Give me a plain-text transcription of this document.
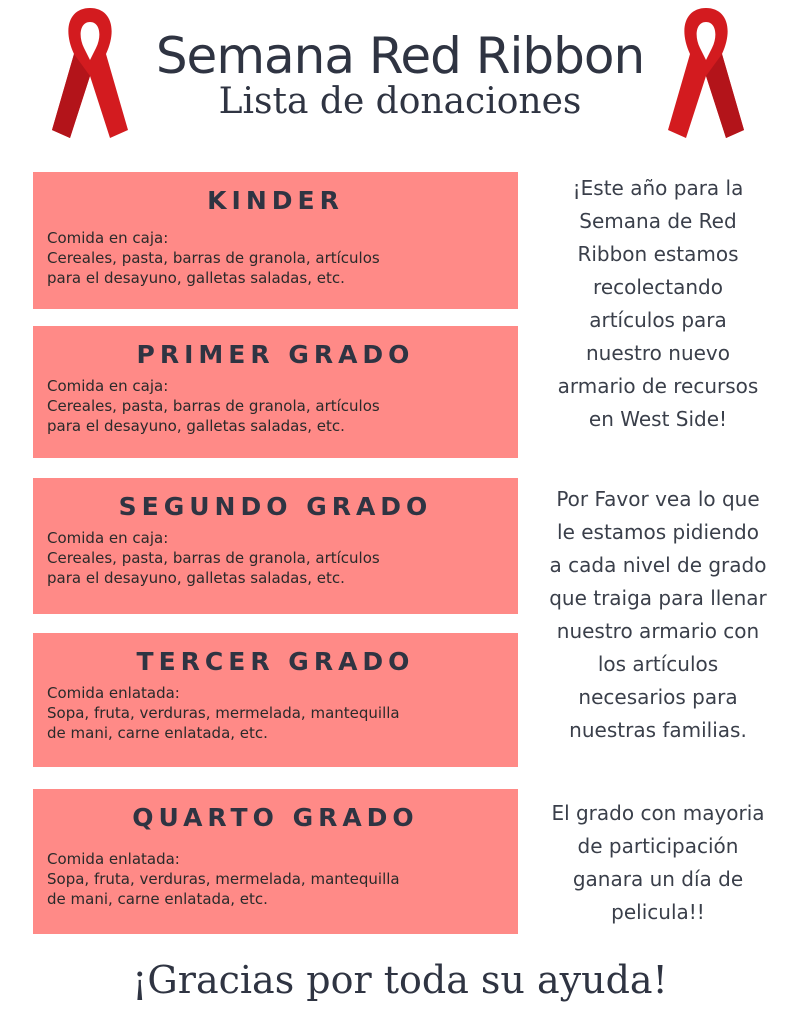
Semana Red Ribbon
Lista de donaciones
KINDER
Comida en caja:
Cereales, pasta, barras de granola, artículos
para el desayuno, galletas saladas, etc.
PRIMER GRADO
Comida en caja:
Cereales, pasta, barras de granola, artículos
para el desayuno, galletas saladas, etc.
SEGUNDO GRADO
Comida en caja:
Cereales, pasta, barras de granola, artículos
para el desayuno, galletas saladas, etc.
TERCER GRADO
Comida enlatada:
Sopa, fruta, verduras, mermelada, mantequilla
de mani, carne enlatada, etc.
QUARTO GRADO
Comida enlatada:
Sopa, fruta, verduras, mermelada, mantequilla
de mani, carne enlatada, etc.
¡Este año para la
Semana de Red
Ribbon estamos
recolectando
artículos para
nuestro nuevo
armario de recursos
en West Side!
Por Favor vea lo que
le estamos pidiendo
a cada nivel de grado
que traiga para llenar
nuestro armario con
los artículos
necesarios para
nuestras familias.
El grado con mayoria
de participación
ganara un día de
pelicula!!
¡Gracias por toda su ayuda!
